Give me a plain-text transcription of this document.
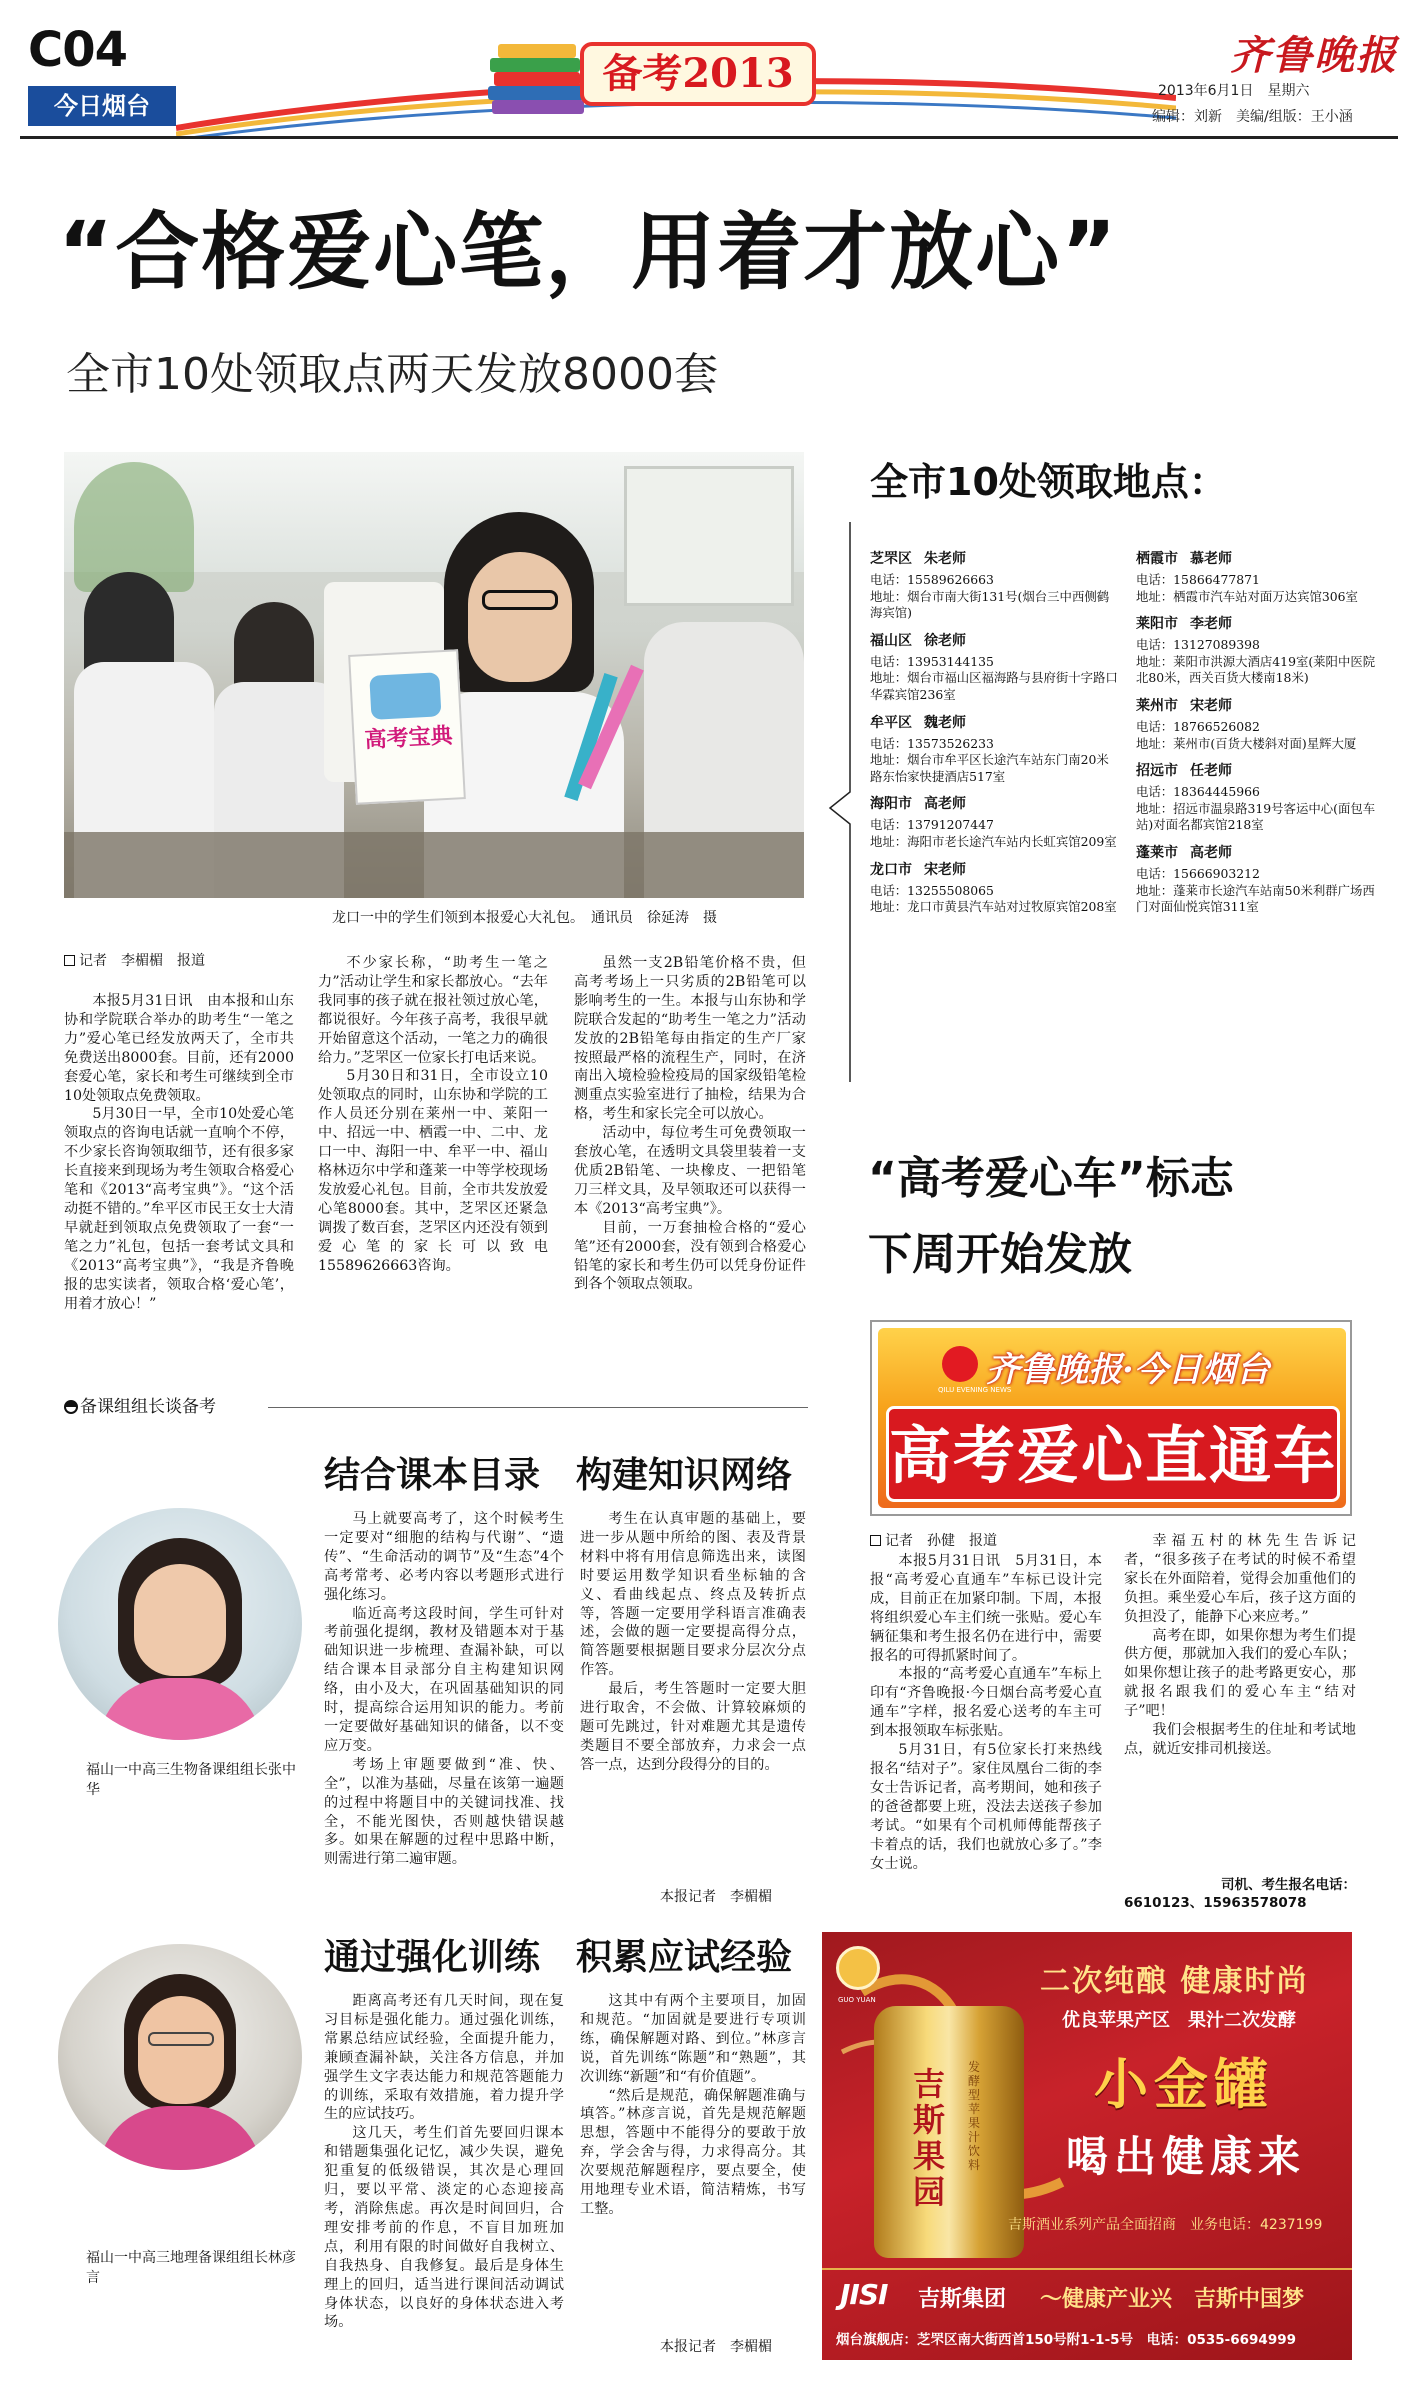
C04
今日烟台
备考2013	齐鲁晚报
2013年6月1日　星期六
编辑：刘新　美编/组版：王小涵
“合格爱心笔，用着才放心”
全市10处领取点两天发放8000套
高考宝典
龙口一中的学生们领到本报爱心大礼包。　通讯员　徐延涛　摄
记者　李楣楣　报道

本报5月31日讯　由本报和山东协和学院联合举办的助考生“一笔之力”爱心笔已经发放两天了，全市共免费送出8000套。目前，还有2000套爱心笔，家长和考生可继续到全市10处领取点免费领取。

5月30日一早，全市10处爱心笔领取点的咨询电话就一直响个不停，不少家长咨询领取细节，还有很多家长直接来到现场为考生领取合格爱心笔和《2013“高考宝典”》。“这个活动挺不错的。”牟平区市民王女士大清早就赶到领取点免费领取了一套“一笔之力”礼包，包括一套考试文具和《2013“高考宝典”》，“我是齐鲁晚报的忠实读者，领取合格‘爱心笔’，用着才放心！”

不少家长称，“助考生一笔之力”活动让学生和家长都放心。“去年我同事的孩子就在报社领过放心笔，都说很好。今年孩子高考，我很早就开始留意这个活动，一笔之力的确很给力。”芝罘区一位家长打电话来说。

5月30日和31日，全市设立10处领取点的同时，山东协和学院的工作人员还分别在莱州一中、莱阳一中、招远一中、栖霞一中、二中、龙口一中、海阳一中、牟平一中、福山格林迈尔中学和蓬莱一中等学校现场发放爱心礼包。目前，全市共发放爱心笔8000套。其中，芝罘区还紧急调拨了数百套，芝罘区内还没有领到爱心笔的家长可以致电15589626663咨询。

虽然一支2B铅笔价格不贵，但高考考场上一只劣质的2B铅笔可以影响考生的一生。本报与山东协和学院联合发起的“助考生一笔之力”活动发放的2B铅笔每由指定的生产厂家按照最严格的流程生产，同时，在济南出入境检验检疫局的国家级铅笔检测重点实验室进行了抽检，结果为合格，考生和家长完全可以放心。

活动中，每位考生可免费领取一套放心笔，在透明文具袋里装着一支优质2B铅笔、一块橡皮、一把铅笔刀三样文具，及早领取还可以获得一本《2013“高考宝典”》。

目前，一万套抽检合格的“爱心笔”还有2000套，没有领到合格爱心铅笔的家长和考生仍可以凭身份证件到各个领取点领取。

全市10处领取地点：
芝罘区 朱老师
电话：15589626663
地址：烟台市南大街131号(烟台三中西侧鹤海宾馆)
福山区 徐老师
电话：13953144135
地址：烟台市福山区福海路与县府街十字路口华霖宾馆236室
牟平区 魏老师
电话：13573526233
地址：烟台市牟平区长途汽车站东门南20米路东怡家快捷酒店517室
海阳市 高老师
电话：13791207447
地址：海阳市老长途汽车站内长虹宾馆209室
龙口市 宋老师
电话：13255508065
地址：龙口市黄县汽车站对过牧原宾馆208室
栖霞市 慕老师
电话：15866477871
地址：栖霞市汽车站对面万达宾馆306室
莱阳市 李老师
电话：13127089398
地址：莱阳市洪源大酒店419室(莱阳中医院北80米，西关百货大楼南18米)
莱州市 宋老师
电话：18766526082
地址：莱州市(百货大楼斜对面)星辉大厦
招远市 任老师
电话：18364445966
地址：招远市温泉路319号客运中心(面包车站)对面名都宾馆218室
蓬莱市 高老师
电话：15666903212
地址：蓬莱市长途汽车站南50米利群广场西门对面仙悦宾馆311室
“高考爱心车”标志
下周开始发放
齐鲁晚报·今日烟台
QILU EVENING NEWS
高考爱心直通车
记者　孙健　报道

本报5月31日讯　5月31日，本报“高考爱心直通车”车标已设计完成，目前正在加紧印制。下周，本报将组织爱心车主们统一张贴。爱心车辆征集和考生报名仍在进行中，需要报名的可得抓紧时间了。

本报的“高考爱心直通车”车标上印有“齐鲁晚报·今日烟台高考爱心直通车”字样，报名爱心送考的车主可到本报领取车标张贴。

5月31日，有5位家长打来热线报名“结对子”。家住凤凰台二街的李女士告诉记者，高考期间，她和孩子的爸爸都要上班，没法去送孩子参加考试。“如果有个司机师傅能帮孩子卡着点的话，我们也就放心多了。”李女士说。

幸福五村的林先生告诉记者，“很多孩子在考试的时候不希望家长在外面陪着，觉得会加重他们的负担。乘坐爱心车后，孩子这方面的负担没了，能静下心来应考。”

高考在即，如果你想为考生们提供方便，那就加入我们的爱心车队；如果你想让孩子的赴考路更安心，那就报名跟我们的爱心车主“结对子”吧！

我们会根据考生的住址和考试地点，就近安排司机接送。

司机、考生报名电话：
6610123、15963578078
备课组组长谈备考
结合课本目录　构建知识网络
福山一中高三生物备课组组长张中华

马上就要高考了，这个时候考生一定要对“细胞的结构与代谢”、“遗传”、“生命活动的调节”及“生态”4个高考常考、必考内容以考题形式进行强化练习。

临近高考这段时间，学生可针对考前强化提纲，教材及错题本对于基础知识进一步梳理、查漏补缺，可以结合课本目录部分自主构建知识网络，由小及大，在巩固基础知识的同时，提高综合运用知识的能力。考前一定要做好基础知识的储备，以不变应万变。

考场上审题要做到“准、快、全”，以准为基础，尽量在该第一遍题的过程中将题目中的关键词找准、找全，不能光图快，否则越快错误越多。如果在解题的过程中思路中断，则需进行第二遍审题。

考生在认真审题的基础上，要进一步从题中所给的图、表及背景材料中将有用信息筛选出来，读图时要运用数学知识看坐标轴的含义、看曲线起点、终点及转折点等，答题一定要用学科语言准确表述，会做的题一定要提高得分点，简答题要根据题目要求分层次分点作答。

最后，考生答题时一定要大胆进行取舍，不会做、计算较麻烦的题可先跳过，针对难题尤其是遗传类题目不要全部放弃，力求会一点答一点，达到分段得分的目的。

本报记者　李楣楣
通过强化训练　积累应试经验
福山一中高三地理备课组组长林彦言

距离高考还有几天时间，现在复习目标是强化能力。通过强化训练，常累总结应试经验，全面提升能力，兼顾查漏补缺，关注各方信息，并加强学生文字表达能力和规范答题能力的训练，采取有效措施，着力提升学生的应试技巧。

这几天，考生们首先要回归课本和错题集强化记忆，减少失误，避免犯重复的低级错误，其次是心理回归，要以平常、淡定的心态迎接高考，消除焦虑。再次是时间回归，合理安排考前的作息，不盲目加班加点，利用有限的时间做好自我树立、自我热身、自我修复。最后是身体生理上的回归，适当进行课间活动调试身体状态，以良好的身体状态进入考场。

这其中有两个主要项目，加固和规范。“加固就是要进行专项训练，确保解题对路、到位。”林彦言说，首先训练“陈题”和“熟题”，其次训练“新题”和“有价值题”。

“然后是规范，确保解题准确与填答。”林彦言说，首先是规范解题思想，答题中不能得分的要敢于放弃，学会舍与得，力求得高分。其次要规范解题程序，要点要全，使用地理专业术语，简洁精炼，书写工整。

本报记者　李楣楣
GUO YUAN
吉斯果园
发酵型苹果汁饮料
二次纯酿 健康时尚
优良苹果产区　果汁二次发酵
小金罐
喝出健康来
吉斯酒业系列产品全面招商　业务电话：4237199
JISI 吉斯集团 ～健康产业兴　吉斯中国梦
烟台旗舰店：芝罘区南大街西首150号附1-1-5号　电话：0535-6694999
